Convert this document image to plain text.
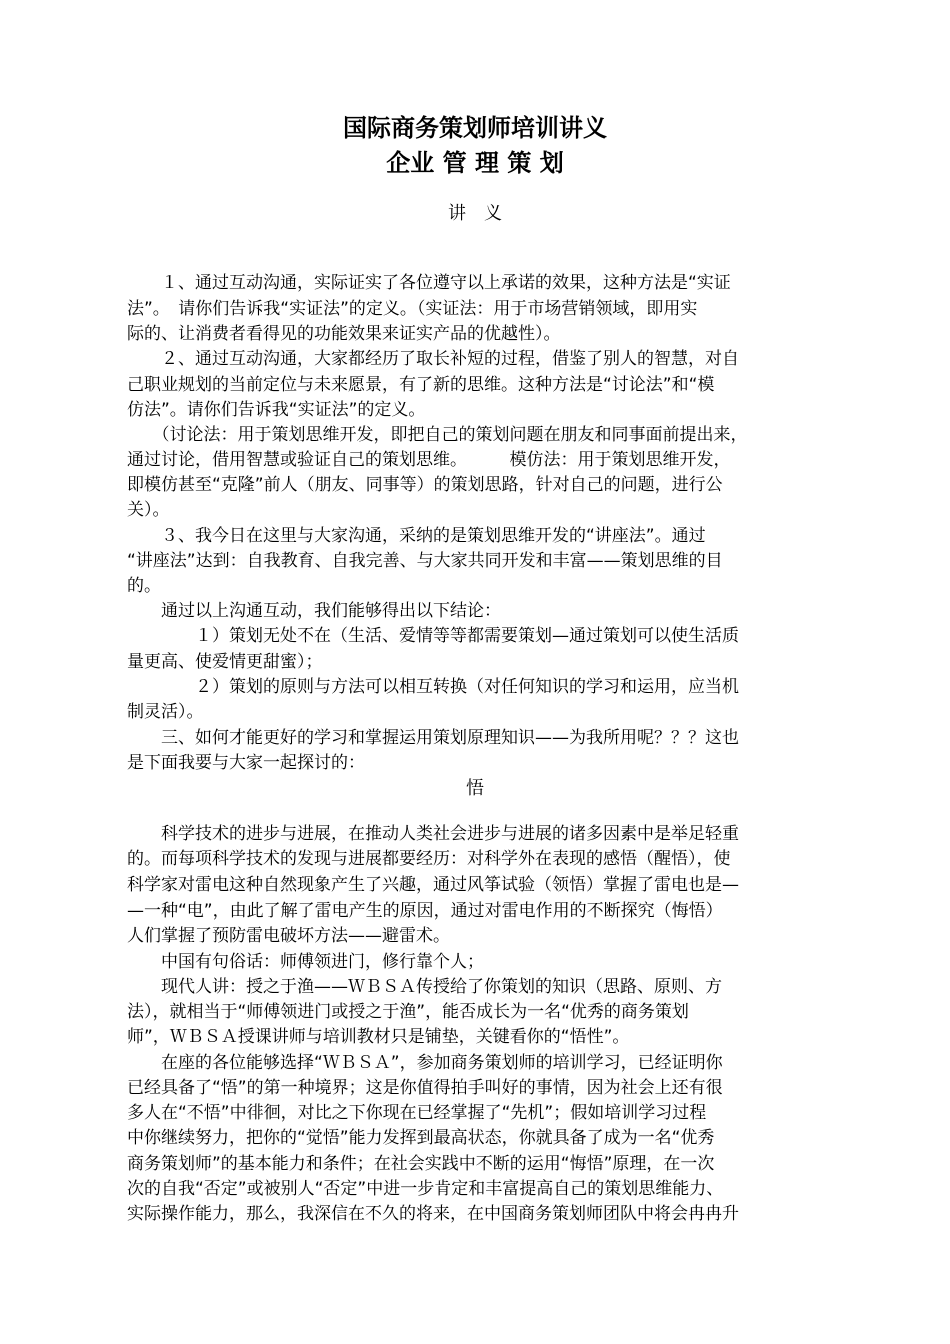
国际商务策划师培训讲义
企业 管 理 策 划
讲义
　　１、通过互动沟通，实际证实了各位遵守以上承诺的效果，这种方法是“实证
法”。　请你们告诉我“实证法”的定义。（实证法：用于市场营销领域，即用实
际的、让消费者看得见的功能效果来证实产品的优越性）。
　　２、通过互动沟通，大家都经历了取长补短的过程，借鉴了别人的智慧，对自
己职业规划的当前定位与未来愿景，有了新的思维。这种方法是“讨论法”和“模
仿法”。请你们告诉我“实证法”的定义。
　　（讨论法：用于策划思维开发，即把自己的策划问题在朋友和同事面前提出来，
通过讨论，借用智慧或验证自己的策划思维。　　　模仿法：用于策划思维开发，
即模仿甚至“克隆”前人（朋友、同事等）的策划思路，针对自己的问题，进行公
关）。
　　３、我今日在这里与大家沟通，采纳的是策划思维开发的“讲座法”。通过
“讲座法”达到：自我教育、自我完善、与大家共同开发和丰富——策划思维的目
的。
　　通过以上沟通互动，我们能够得出以下结论：
　　　　１）策划无处不在（生活、爱情等等都需要策划—通过策划可以使生活质
量更高、使爱情更甜蜜）；
　　　　２）策划的原则与方法可以相互转换（对任何知识的学习和运用，应当机
制灵活）。
　　三、如何才能更好的学习和掌握运用策划原理知识——为我所用呢？？？这也
是下面我要与大家一起探讨的：
悟
　　科学技术的进步与进展，在推动人类社会进步与进展的诸多因素中是举足轻重
的。而每项科学技术的发现与进展都要经历：对科学外在表现的感悟（醒悟），使
科学家对雷电这种自然现象产生了兴趣，通过风筝试验（领悟）掌握了雷电也是—
—一种“电”，由此了解了雷电产生的原因，通过对雷电作用的不断探究（悔悟）
人们掌握了预防雷电破坏方法——避雷术。
　　中国有句俗话：师傅领进门，修行靠个人；
　　现代人讲：授之于渔——ＷＢＳＡ传授给了你策划的知识（思路、原则、方
法），就相当于“师傅领进门或授之于渔”，能否成长为一名“优秀的商务策划
师”，ＷＢＳＡ授课讲师与培训教材只是铺垫，关键看你的“悟性”。
　　在座的各位能够选择“ＷＢＳＡ”，参加商务策划师的培训学习，已经证明你
已经具备了“悟”的第一种境界；这是你值得拍手叫好的事情，因为社会上还有很
多人在“不悟”中徘徊，对比之下你现在已经掌握了“先机”；假如培训学习过程
中你继续努力，把你的“觉悟”能力发挥到最高状态，你就具备了成为一名“优秀
商务策划师”的基本能力和条件；在社会实践中不断的运用“悔悟”原理，在一次
次的自我“否定”或被别人“否定”中进一步肯定和丰富提高自己的策划思维能力、
实际操作能力，那么，我深信在不久的将来，在中国商务策划师团队中将会冉冉升
